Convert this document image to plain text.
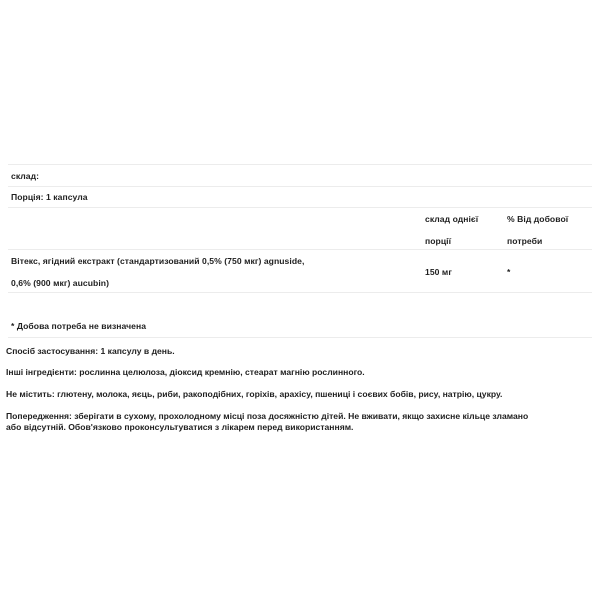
склад:
Порція: 1 капсула
склад однієї
порції
% Від добової
потреби
Вітекс, ягідний екстракт (стандартизований 0,5% (750 мкг) agnuside,
0,6% (900 мкг) aucubin)
150 мг	*
* Добова потреба не визначена

Спосіб застосування: 1 капсулу в день.

Інші інгредієнти: рослинна целюлоза, діоксид кремнію, стеарат магнію рослинного.

Не містить: глютену, молока, яєць, риби, ракоподібних, горіхів, арахісу, пшениці і соєвих бобів, рису, натрію, цукру.

Попередження: зберігати в сухому, прохолодному місці поза досяжністю дітей. Не вживати, якщо захисне кільце зламано

або відсутній. Обов'язково проконсультуватися з лікарем перед використанням.
